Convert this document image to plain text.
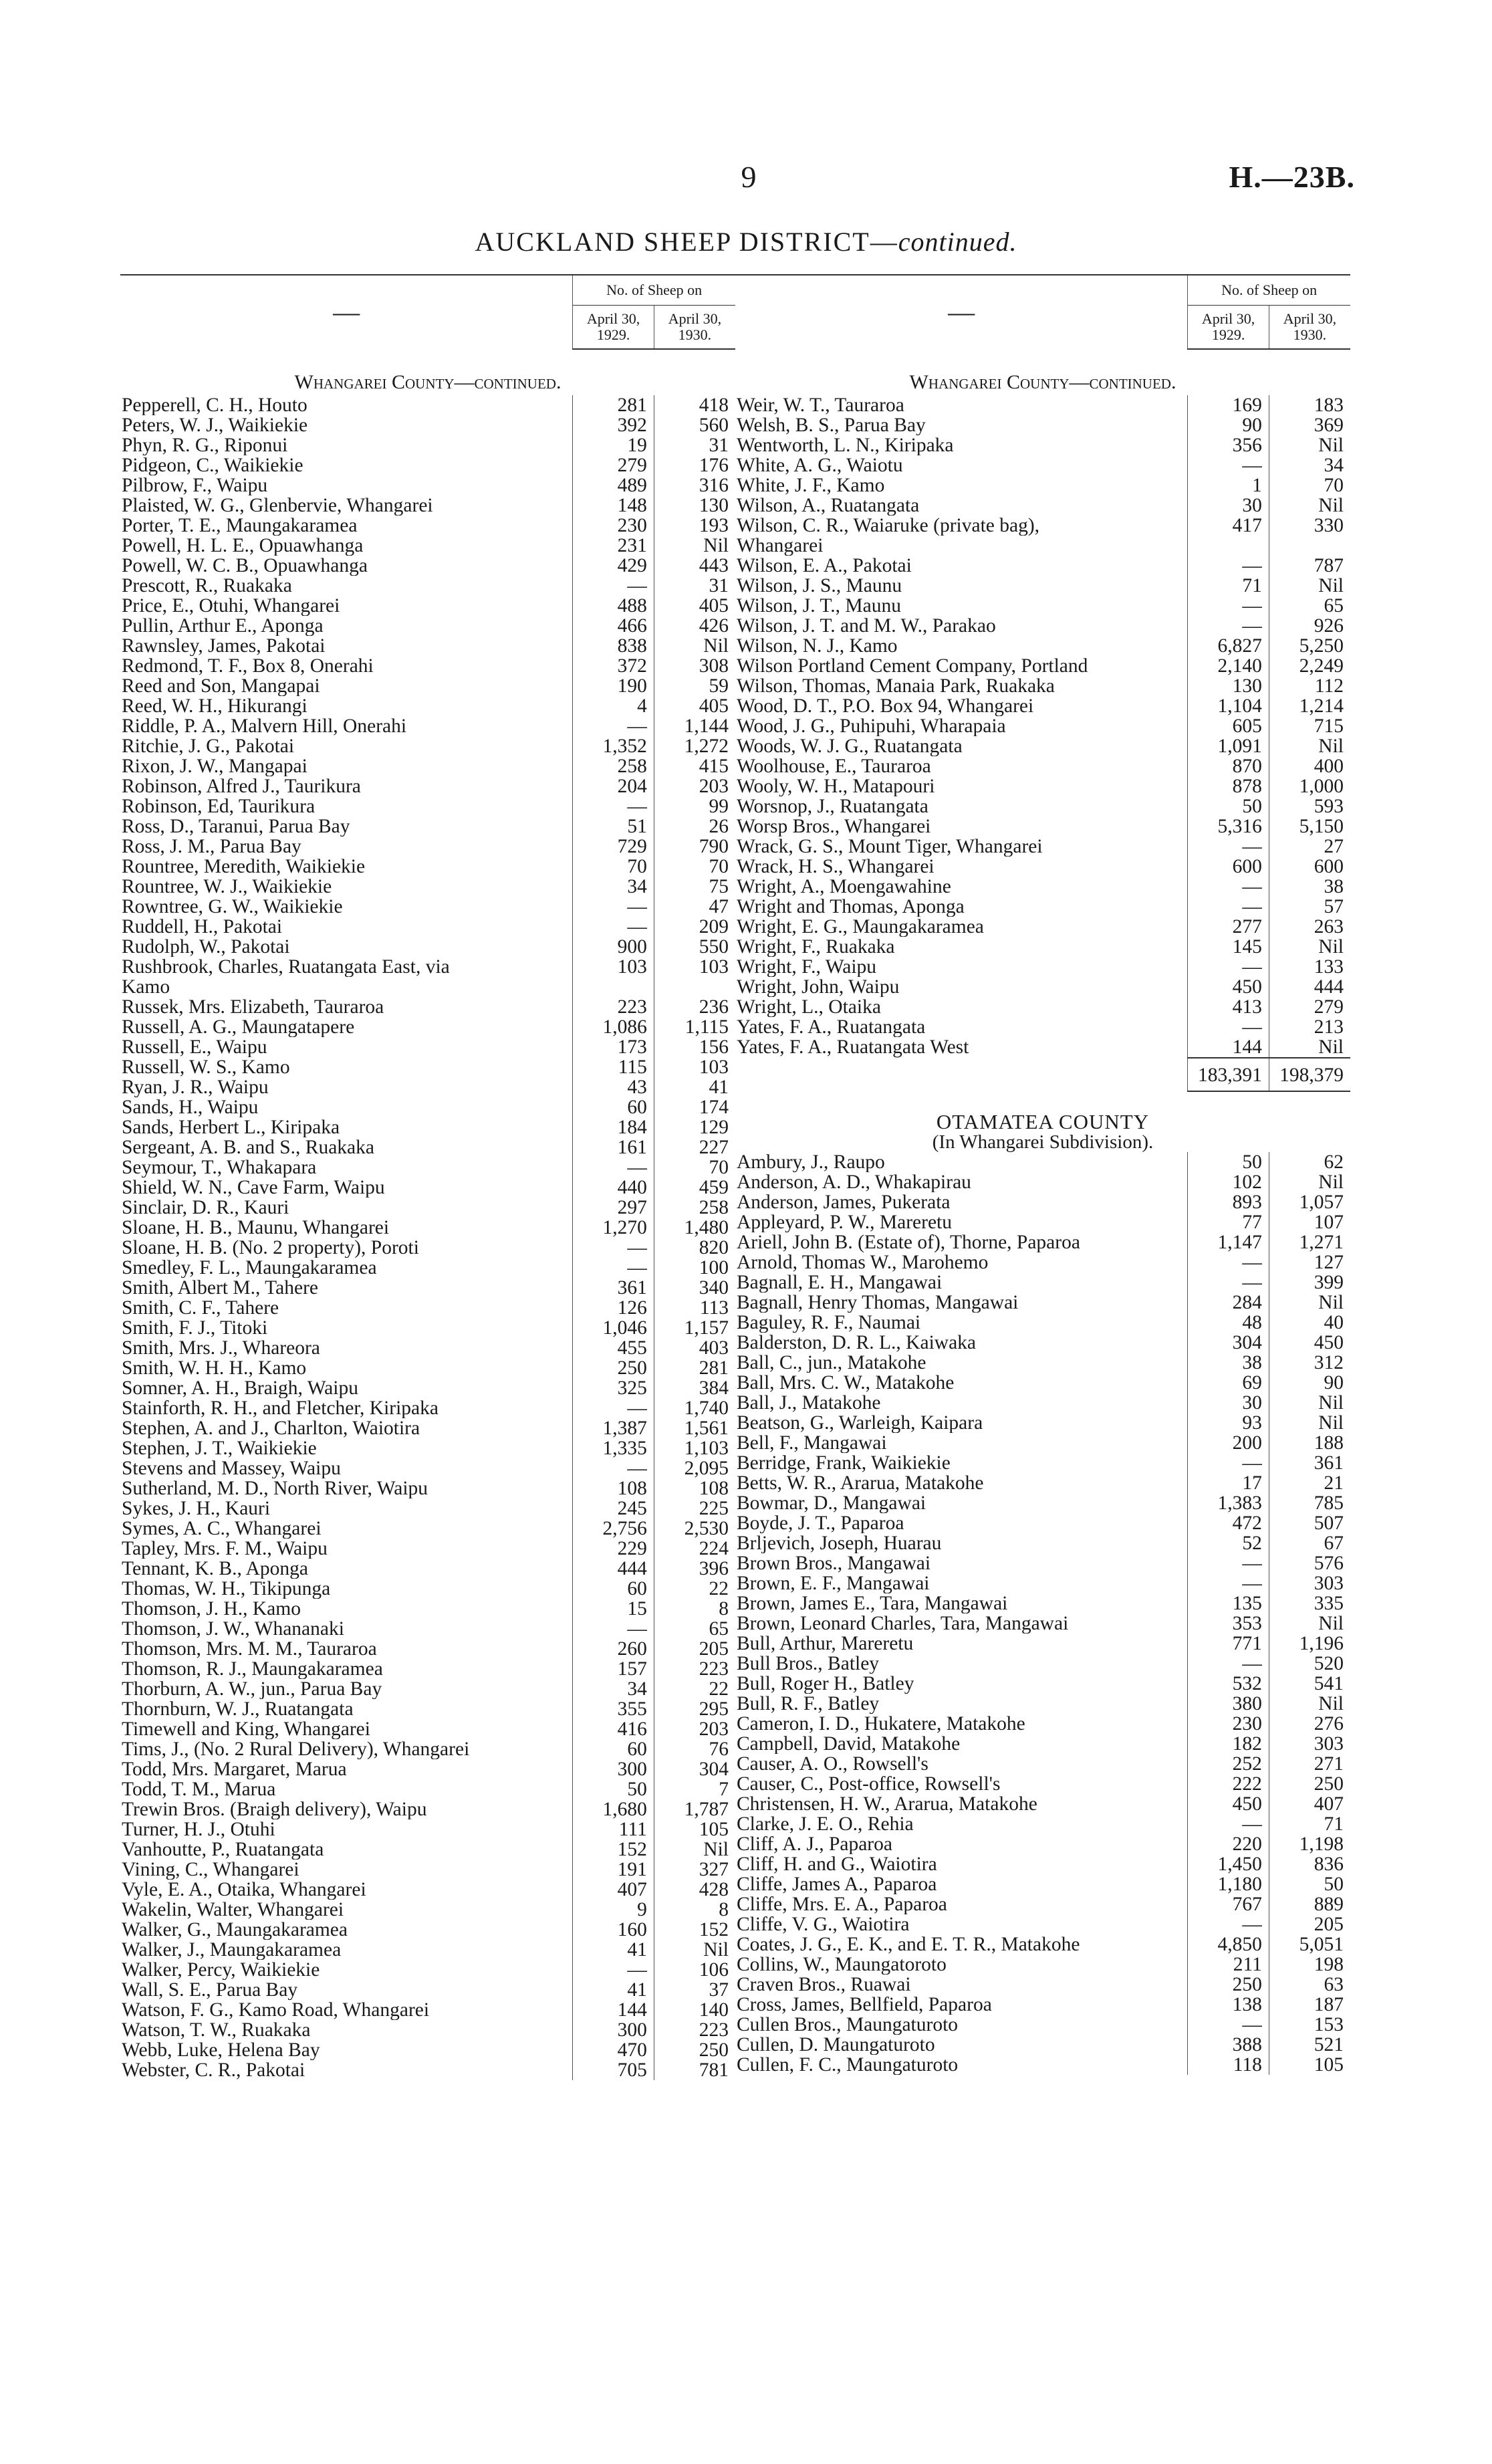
9	H.—23B.
AUCKLAND SHEEP DISTRICT—continued.
—	No. of Sheep on	
	April 30, 1929.	April 30, 1930.
Whangarei County—continued.		
Pepperell, C. H., Houto	281	418
Peters, W. J., Waikiekie	392	560
Phyn, R. G., Riponui	19	31
Pidgeon, C., Waikiekie	279	176
Pilbrow, F., Waipu	489	316
Plaisted, W. G., Glenbervie, Whangarei	148	130
Porter, T. E., Maungakaramea	230	193
Powell, H. L. E., Opuawhanga	231	Nil
Powell, W. C. B., Opuawhanga	429	443
Prescott, R., Ruakaka	—	31
Price, E., Otuhi, Whangarei	488	405
Pullin, Arthur E., Aponga	466	426
Rawnsley, James, Pakotai	838	Nil
Redmond, T. F., Box 8, Onerahi	372	308
Reed and Son, Mangapai	190	59
Reed, W. H., Hikurangi	4	405
Riddle, P. A., Malvern Hill, Onerahi	—	1,144
Ritchie, J. G., Pakotai	1,352	1,272
Rixon, J. W., Mangapai	258	415
Robinson, Alfred J., Taurikura	204	203
Robinson, Ed, Taurikura	—	99
Ross, D., Taranui, Parua Bay	51	26
Ross, J. M., Parua Bay	729	790
Rountree, Meredith, Waikiekie	70	70
Rountree, W. J., Waikiekie	34	75
Rowntree, G. W., Waikiekie	—	47
Ruddell, H., Pakotai	—	209
Rudolph, W., Pakotai	900	550
Rushbrook, Charles, Ruatangata East, via	103	103
Kamo		
Russek, Mrs. Elizabeth, Tauraroa	223	236
Russell, A. G., Maungatapere	1,086	1,115
Russell, E., Waipu	173	156
Russell, W. S., Kamo	115	103
Ryan, J. R., Waipu	43	41
Sands, H., Waipu	60	174
Sands, Herbert L., Kiripaka	184	129
Sergeant, A. B. and S., Ruakaka	161	227
Seymour, T., Whakapara	—	70
Shield, W. N., Cave Farm, Waipu	440	459
Sinclair, D. R., Kauri	297	258
Sloane, H. B., Maunu, Whangarei	1,270	1,480
Sloane, H. B. (No. 2 property), Poroti	—	820
Smedley, F. L., Maungakaramea	—	100
Smith, Albert M., Tahere	361	340
Smith, C. F., Tahere	126	113
Smith, F. J., Titoki	1,046	1,157
Smith, Mrs. J., Whareora	455	403
Smith, W. H. H., Kamo	250	281
Somner, A. H., Braigh, Waipu	325	384
Stainforth, R. H., and Fletcher, Kiripaka	—	1,740
Stephen, A. and J., Charlton, Waiotira	1,387	1,561
Stephen, J. T., Waikiekie	1,335	1,103
Stevens and Massey, Waipu	—	2,095
Sutherland, M. D., North River, Waipu	108	108
Sykes, J. H., Kauri	245	225
Symes, A. C., Whangarei	2,756	2,530
Tapley, Mrs. F. M., Waipu	229	224
Tennant, K. B., Aponga	444	396
Thomas, W. H., Tikipunga	60	22
Thomson, J. H., Kamo	15	8
Thomson, J. W., Whananaki	—	65
Thomson, Mrs. M. M., Tauraroa	260	205
Thomson, R. J., Maungakaramea	157	223
Thorburn, A. W., jun., Parua Bay	34	22
Thornburn, W. J., Ruatangata	355	295
Timewell and King, Whangarei	416	203
Tims, J., (No. 2 Rural Delivery), Whangarei	60	76
Todd, Mrs. Margaret, Marua	300	304
Todd, T. M., Marua	50	7
Trewin Bros. (Braigh delivery), Waipu	1,680	1,787
Turner, H. J., Otuhi	111	105
Vanhoutte, P., Ruatangata	152	Nil
Vining, C., Whangarei	191	327
Vyle, E. A., Otaika, Whangarei	407	428
Wakelin, Walter, Whangarei	9	8
Walker, G., Maungakaramea	160	152
Walker, J., Maungakaramea	41	Nil
Walker, Percy, Waikiekie	—	106
Wall, S. E., Parua Bay	41	37
Watson, F. G., Kamo Road, Whangarei	144	140
Watson, T. W., Ruakaka	300	223
Webb, Luke, Helena Bay	470	250
Webster, C. R., Pakotai	705	781
—	No. of Sheep on	
	April 30, 1929.	April 30, 1930.
Whangarei County—continued.		
Weir, W. T., Tauraroa	169	183
Welsh, B. S., Parua Bay	90	369
Wentworth, L. N., Kiripaka	356	Nil
White, A. G., Waiotu	—	34
White, J. F., Kamo	1	70
Wilson, A., Ruatangata	30	Nil
Wilson, C. R., Waiaruke (private bag),	417	330
Whangarei		
Wilson, E. A., Pakotai	—	787
Wilson, J. S., Maunu	71	Nil
Wilson, J. T., Maunu	—	65
Wilson, J. T. and M. W., Parakao	—	926
Wilson, N. J., Kamo	6,827	5,250
Wilson Portland Cement Company, Portland	2,140	2,249
Wilson, Thomas, Manaia Park, Ruakaka	130	112
Wood, D. T., P.O. Box 94, Whangarei	1,104	1,214
Wood, J. G., Puhipuhi, Wharapaia	605	715
Woods, W. J. G., Ruatangata	1,091	Nil
Woolhouse, E., Tauraroa	870	400
Wooly, W. H., Matapouri	878	1,000
Worsnop, J., Ruatangata	50	593
Worsp Bros., Whangarei	5,316	5,150
Wrack, G. S., Mount Tiger, Whangarei	—	27
Wrack, H. S., Whangarei	600	600
Wright, A., Moengawahine	—	38
Wright and Thomas, Aponga	—	57
Wright, E. G., Maungakaramea	277	263
Wright, F., Ruakaka	145	Nil
Wright, F., Waipu	—	133
Wright, John, Waipu	450	444
Wright, L., Otaika	413	279
Yates, F. A., Ruatangata	—	213
Yates, F. A., Ruatangata West	144	Nil
	183,391	198,379
OTAMATEA COUNTY		
(In Whangarei Subdivision).		
Ambury, J., Raupo	50	62
Anderson, A. D., Whakapirau	102	Nil
Anderson, James, Pukerata	893	1,057
Appleyard, P. W., Mareretu	77	107
Ariell, John B. (Estate of), Thorne, Paparoa	1,147	1,271
Arnold, Thomas W., Marohemo	—	127
Bagnall, E. H., Mangawai	—	399
Bagnall, Henry Thomas, Mangawai	284	Nil
Baguley, R. F., Naumai	48	40
Balderston, D. R. L., Kaiwaka	304	450
Ball, C., jun., Matakohe	38	312
Ball, Mrs. C. W., Matakohe	69	90
Ball, J., Matakohe	30	Nil
Beatson, G., Warleigh, Kaipara	93	Nil
Bell, F., Mangawai	200	188
Berridge, Frank, Waikiekie	—	361
Betts, W. R., Ararua, Matakohe	17	21
Bowmar, D., Mangawai	1,383	785
Boyde, J. T., Paparoa	472	507
Brljevich, Joseph, Huarau	52	67
Brown Bros., Mangawai	—	576
Brown, E. F., Mangawai	—	303
Brown, James E., Tara, Mangawai	135	335
Brown, Leonard Charles, Tara, Mangawai	353	Nil
Bull, Arthur, Mareretu	771	1,196
Bull Bros., Batley	—	520
Bull, Roger H., Batley	532	541
Bull, R. F., Batley	380	Nil
Cameron, I. D., Hukatere, Matakohe	230	276
Campbell, David, Matakohe	182	303
Causer, A. O., Rowsell's	252	271
Causer, C., Post-office, Rowsell's	222	250
Christensen, H. W., Ararua, Matakohe	450	407
Clarke, J. E. O., Rehia	—	71
Cliff, A. J., Paparoa	220	1,198
Cliff, H. and G., Waiotira	1,450	836
Cliffe, James A., Paparoa	1,180	50
Cliffe, Mrs. E. A., Paparoa	767	889
Cliffe, V. G., Waiotira	—	205
Coates, J. G., E. K., and E. T. R., Matakohe	4,850	5,051
Collins, W., Maungatoroto	211	198
Craven Bros., Ruawai	250	63
Cross, James, Bellfield, Paparoa	138	187
Cullen Bros., Maungaturoto	—	153
Cullen, D. Maungaturoto	388	521
Cullen, F. C., Maungaturoto	118	105
